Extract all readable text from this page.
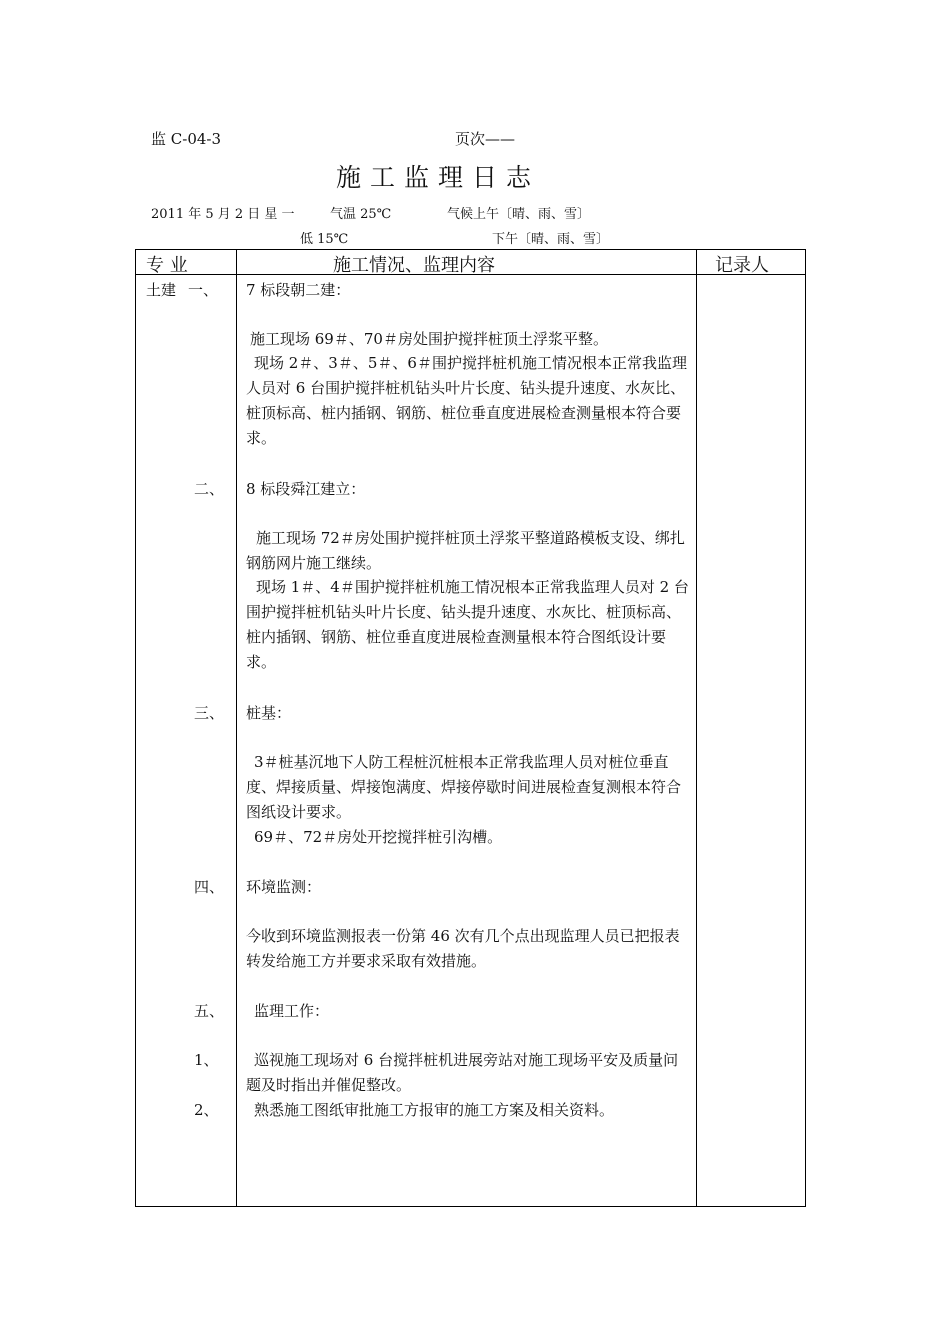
监 C-04-3	页次——
施工监理日志
2011 年 5 月 2 日 星 一	气温 25℃	气候上午〔晴、雨、雪〕
低 15℃	下午〔晴、雨、雪〕
专 业	施工情况、监理内容	记录人
土建 一、 7 标段朝二建：
施工现场 69＃、70＃房处围护搅拌桩顶土浮浆平整。
现场 2＃、3＃、5＃、6＃围护搅拌桩机施工情况根本正常我监理人员对 6 台围护搅拌桩机钻头叶片长度、钻头提升速度、水灰比、桩顶标高、桩内插钢、钢筋、桩位垂直度进展检查测量根本符合要求。
二、 8 标段舜江建立：
施工现场 72＃房处围护搅拌桩顶土浮浆平整道路模板支设、绑扎钢筋网片施工继续。
现场 1＃、4＃围护搅拌桩机施工情况根本正常我监理人员对 2 台围护搅拌桩机钻头叶片长度、钻头提升速度、水灰比、桩顶标高、桩内插钢、钢筋、桩位垂直度进展检查测量根本符合图纸设计要求。
三、 桩基：
3＃桩基沉地下人防工程桩沉桩根本正常我监理人员对桩位垂直度、焊接质量、焊接饱满度、焊接停歇时间进展检查复测根本符合图纸设计要求。
69＃、72＃房处开挖搅拌桩引沟槽。
四、 环境监测：
今收到环境监测报表一份第 46 次有几个点出现监理人员已把报表转发给施工方并要求采取有效措施。
五、 监理工作：
1、	巡视施工现场对 6 台搅拌桩机进展旁站对施工现场平安及质量问题及时指出并催促整改。
2、	熟悉施工图纸审批施工方报审的施工方案及相关资料。
